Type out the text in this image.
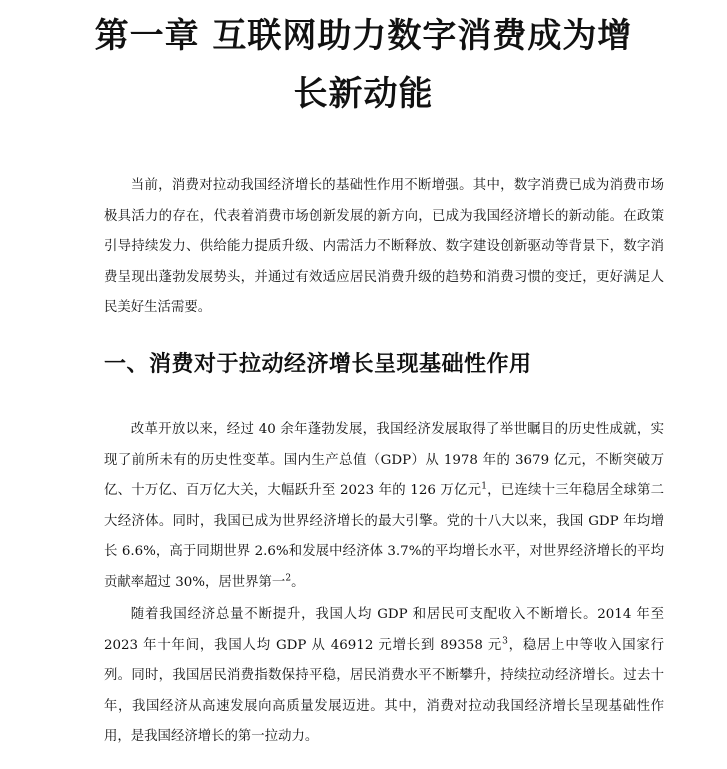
第一章 互联网助力数字消费成为增
长新动能

当前，消费对拉动我国经济增长的基础性作用不断增强。其中，数字消费已成为消费市场极具活力的存在，代表着消费市场创新发展的新方向，已成为我国经济增长的新动能。在政策引导持续发力、供给能力提质升级、内需活力不断释放、数字建设创新驱动等背景下，数字消费呈现出蓬勃发展势头，并通过有效适应居民消费升级的趋势和消费习惯的变迁，更好满足人民美好生活需要。

一、消费对于拉动经济增长呈现基础性作用

改革开放以来，经过 40 余年蓬勃发展，我国经济发展取得了举世瞩目的历史性成就，实现了前所未有的历史性变革。国内生产总值（GDP）从 1978 年的 3679 亿元，不断突破万亿、十万亿、百万亿大关，大幅跃升至 2023 年的 126 万亿元$^1$，已连续十三年稳居全球第二大经济体。同时，我国已成为世界经济增长的最大引擎。党的十八大以来，我国 GDP 年均增长 6.6%，高于同期世界 2.6%和发展中经济体 3.7%的平均增长水平，对世界经济增长的平均贡献率超过 30%，居世界第一$^2$。

随着我国经济总量不断提升，我国人均 GDP 和居民可支配收入不断增长。2014 年至 2023 年十年间，我国人均 GDP 从 46912 元增长到 89358 元$^3$，稳居上中等收入国家行列。同时，我国居民消费指数保持平稳，居民消费水平不断攀升，持续拉动经济增长。过去十年，我国经济从高速发展向高质量发展迈进。其中，消费对拉动我国经济增长呈现基础性作用，是我国经济增长的第一拉动力。
